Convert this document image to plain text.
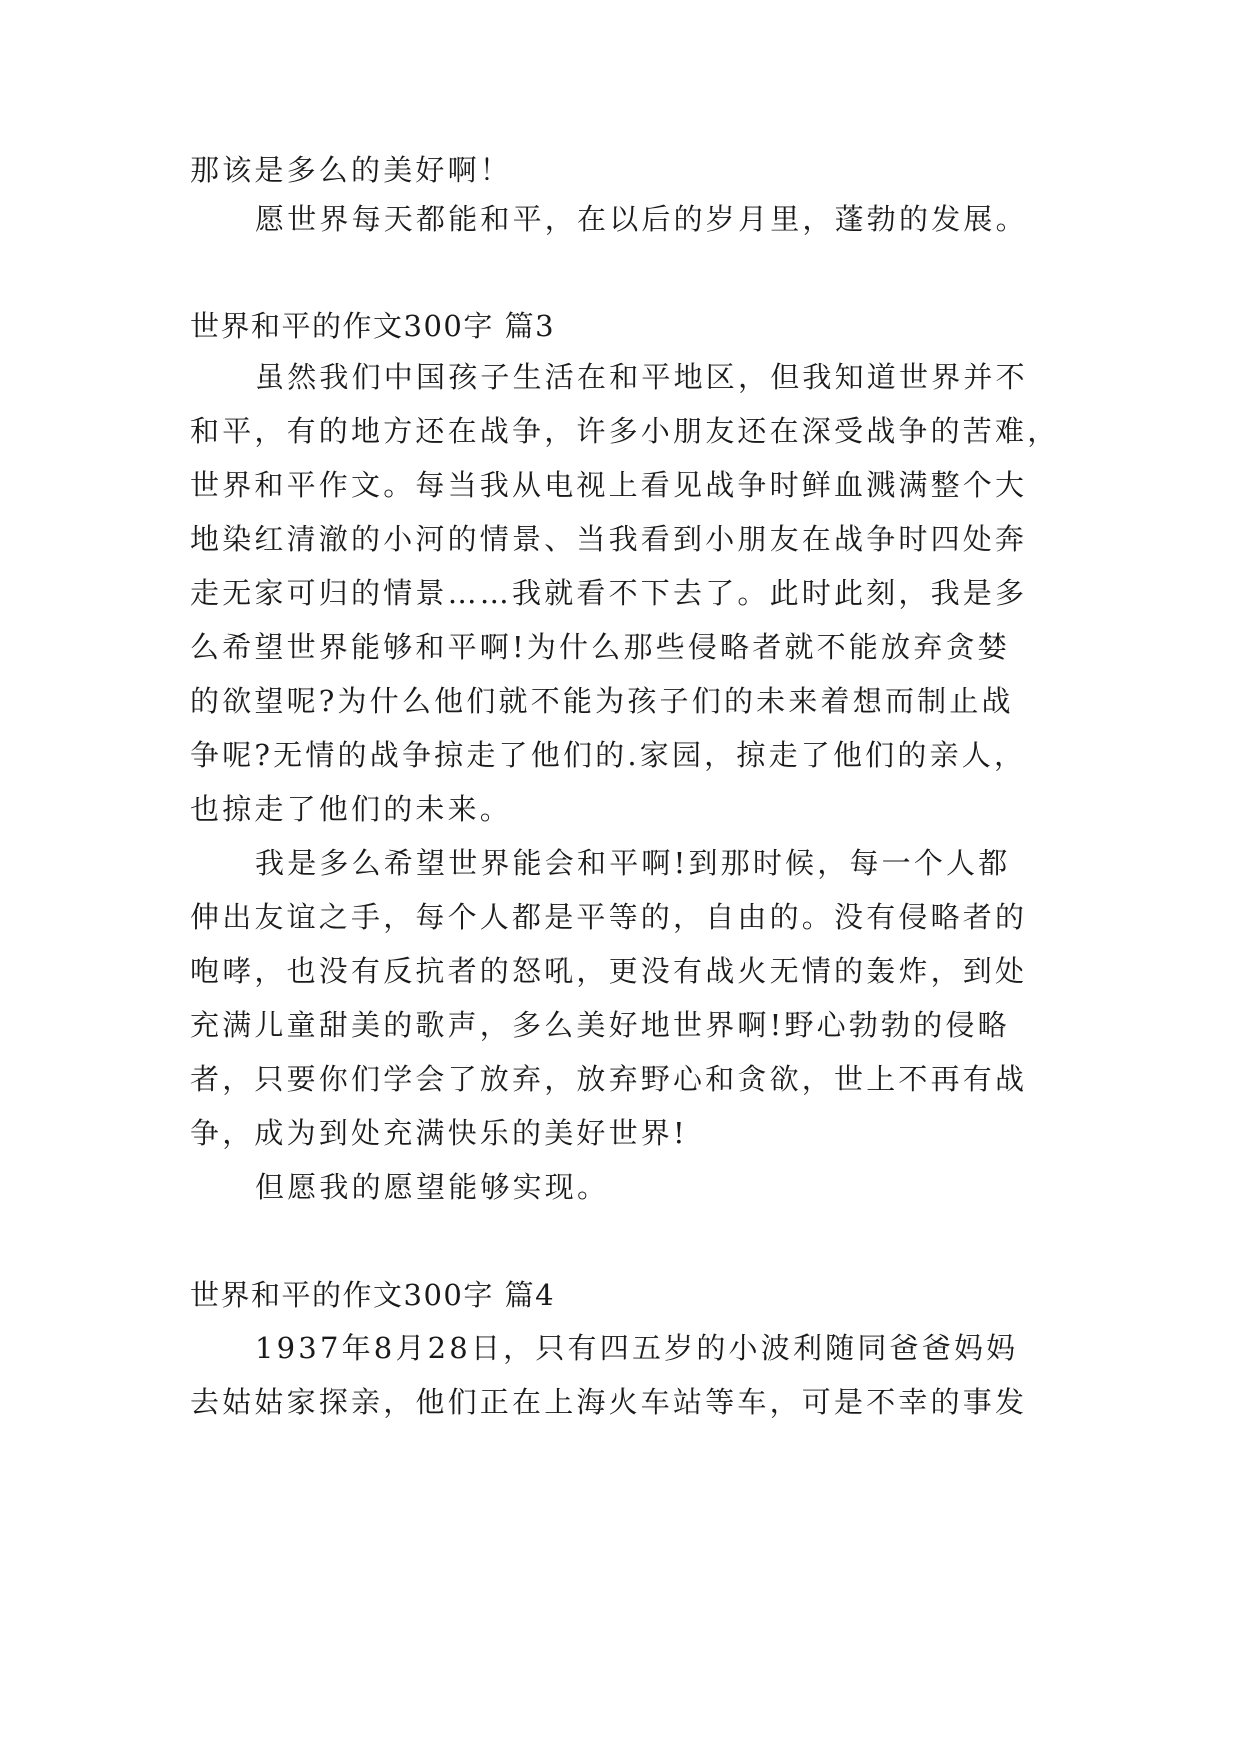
那该是多么的美好啊！
愿世界每天都能和平，在以后的岁月里，蓬勃的发展。
世界和平的作文300字 篇3
虽然我们中国孩子生活在和平地区，但我知道世界并不
和平，有的地方还在战争，许多小朋友还在深受战争的苦难，
世界和平作文。每当我从电视上看见战争时鲜血溅满整个大
地染红清澈的小河的情景、当我看到小朋友在战争时四处奔
走无家可归的情景……我就看不下去了。此时此刻，我是多
么希望世界能够和平啊!为什么那些侵略者就不能放弃贪婪
的欲望呢?为什么他们就不能为孩子们的未来着想而制止战
争呢?无情的战争掠走了他们的.家园，掠走了他们的亲人，
也掠走了他们的未来。
我是多么希望世界能会和平啊!到那时候，每一个人都
伸出友谊之手，每个人都是平等的，自由的。没有侵略者的
咆哮，也没有反抗者的怒吼，更没有战火无情的轰炸，到处
充满儿童甜美的歌声，多么美好地世界啊!野心勃勃的侵略
者，只要你们学会了放弃，放弃野心和贪欲，世上不再有战
争，成为到处充满快乐的美好世界!
但愿我的愿望能够实现。
世界和平的作文300字 篇4
1937年8月28日，只有四五岁的小波利随同爸爸妈妈
去姑姑家探亲，他们正在上海火车站等车，可是不幸的事发
